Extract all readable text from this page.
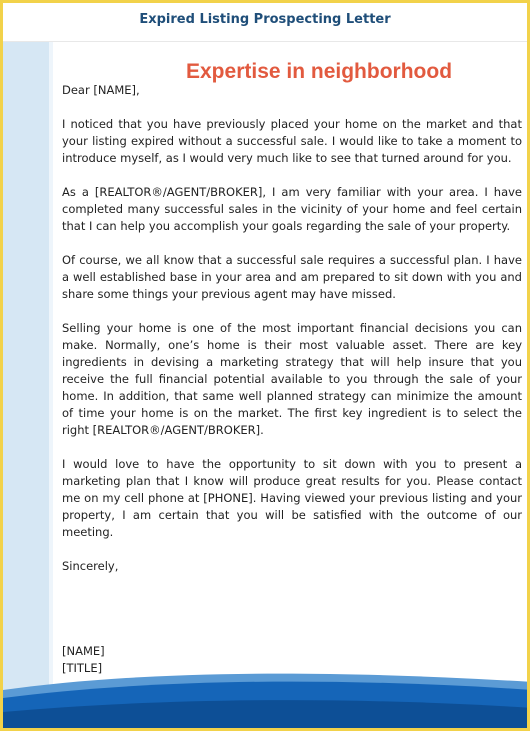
Expired Listing Prospecting Letter
Expertise in neighborhood

Dear [NAME],

I noticed that you have previously placed your home on the market and that your listing expired without a successful sale. I would like to take a moment to introduce myself, as I would very much like to see that turned around for you.

As a [REALTOR®/AGENT/BROKER], I am very familiar with your area. I have completed many successful sales in the vicinity of your home and feel certain that I can help you accomplish your goals regarding the sale of your property.

Of course, we all know that a successful sale requires a successful plan. I have a well established base in your area and am prepared to sit down with you and share some things your previous agent may have missed.

Selling your home is one of the most important financial decisions you can make. Normally, one’s home is their most valuable asset. There are key ingredients in devising a marketing strategy that will help insure that you receive the full financial potential available to you through the sale of your home. In addition, that same well planned strategy can minimize the amount of time your home is on the market. The first key ingredient is to select the right [REALTOR®/AGENT/BROKER].

I would love to have the opportunity to sit down with you to present a marketing plan that I know will produce great results for you. Please contact me on my cell phone at [PHONE]. Having viewed your previous listing and your property, I am certain that you will be satisfied with the outcome of our meeting.

Sincerely,

[NAME]

[TITLE]
